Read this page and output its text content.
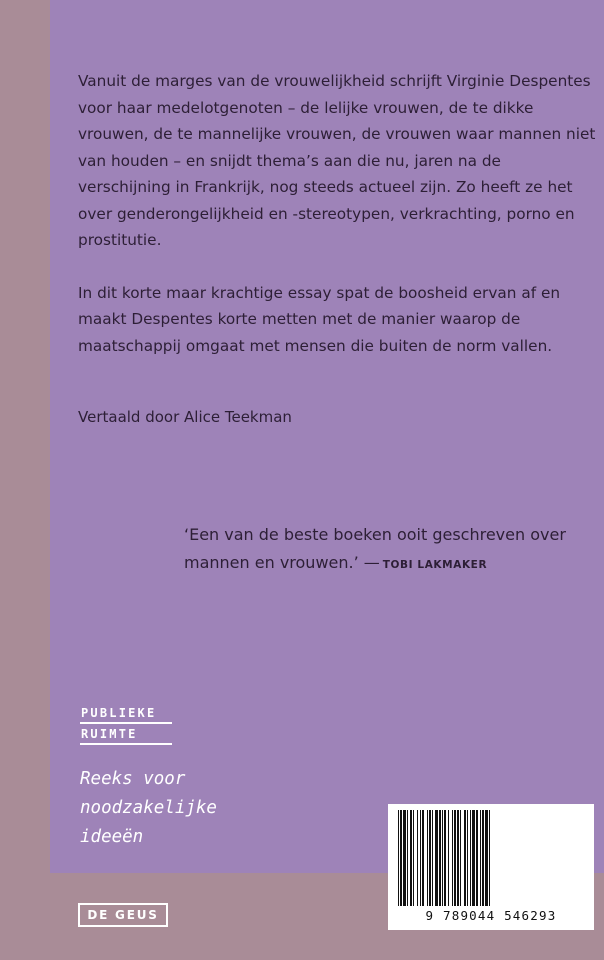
Vanuit de marges van de vrouwelijkheid schrijft Virginie Despentes voor haar medelotgenoten – de lelijke vrouwen, de te dikke vrouwen, de te mannelijke vrouwen, de vrouwen waar mannen niet van houden – en snijdt thema’s aan die nu, jaren na de verschijning in Frankrijk, nog steeds actueel zijn. Zo heeft ze het over genderongelijkheid en -stereotypen, verkrachting, porno en prostitutie.

In dit korte maar krachtige essay spat de boosheid ervan af en maakt Despentes korte metten met de manier waarop de maatschappij omgaat met mensen die buiten de norm vallen.

Vertaald door Alice Teekman
‘Een van de beste boeken ooit geschreven over mannen en vrouwen.’ — TOBI LAKMAKER
PUBLIEKE
RUIMTE
Reeks voor
noodzakelijke
ideeën
DE GEUS	9 789044 546293
